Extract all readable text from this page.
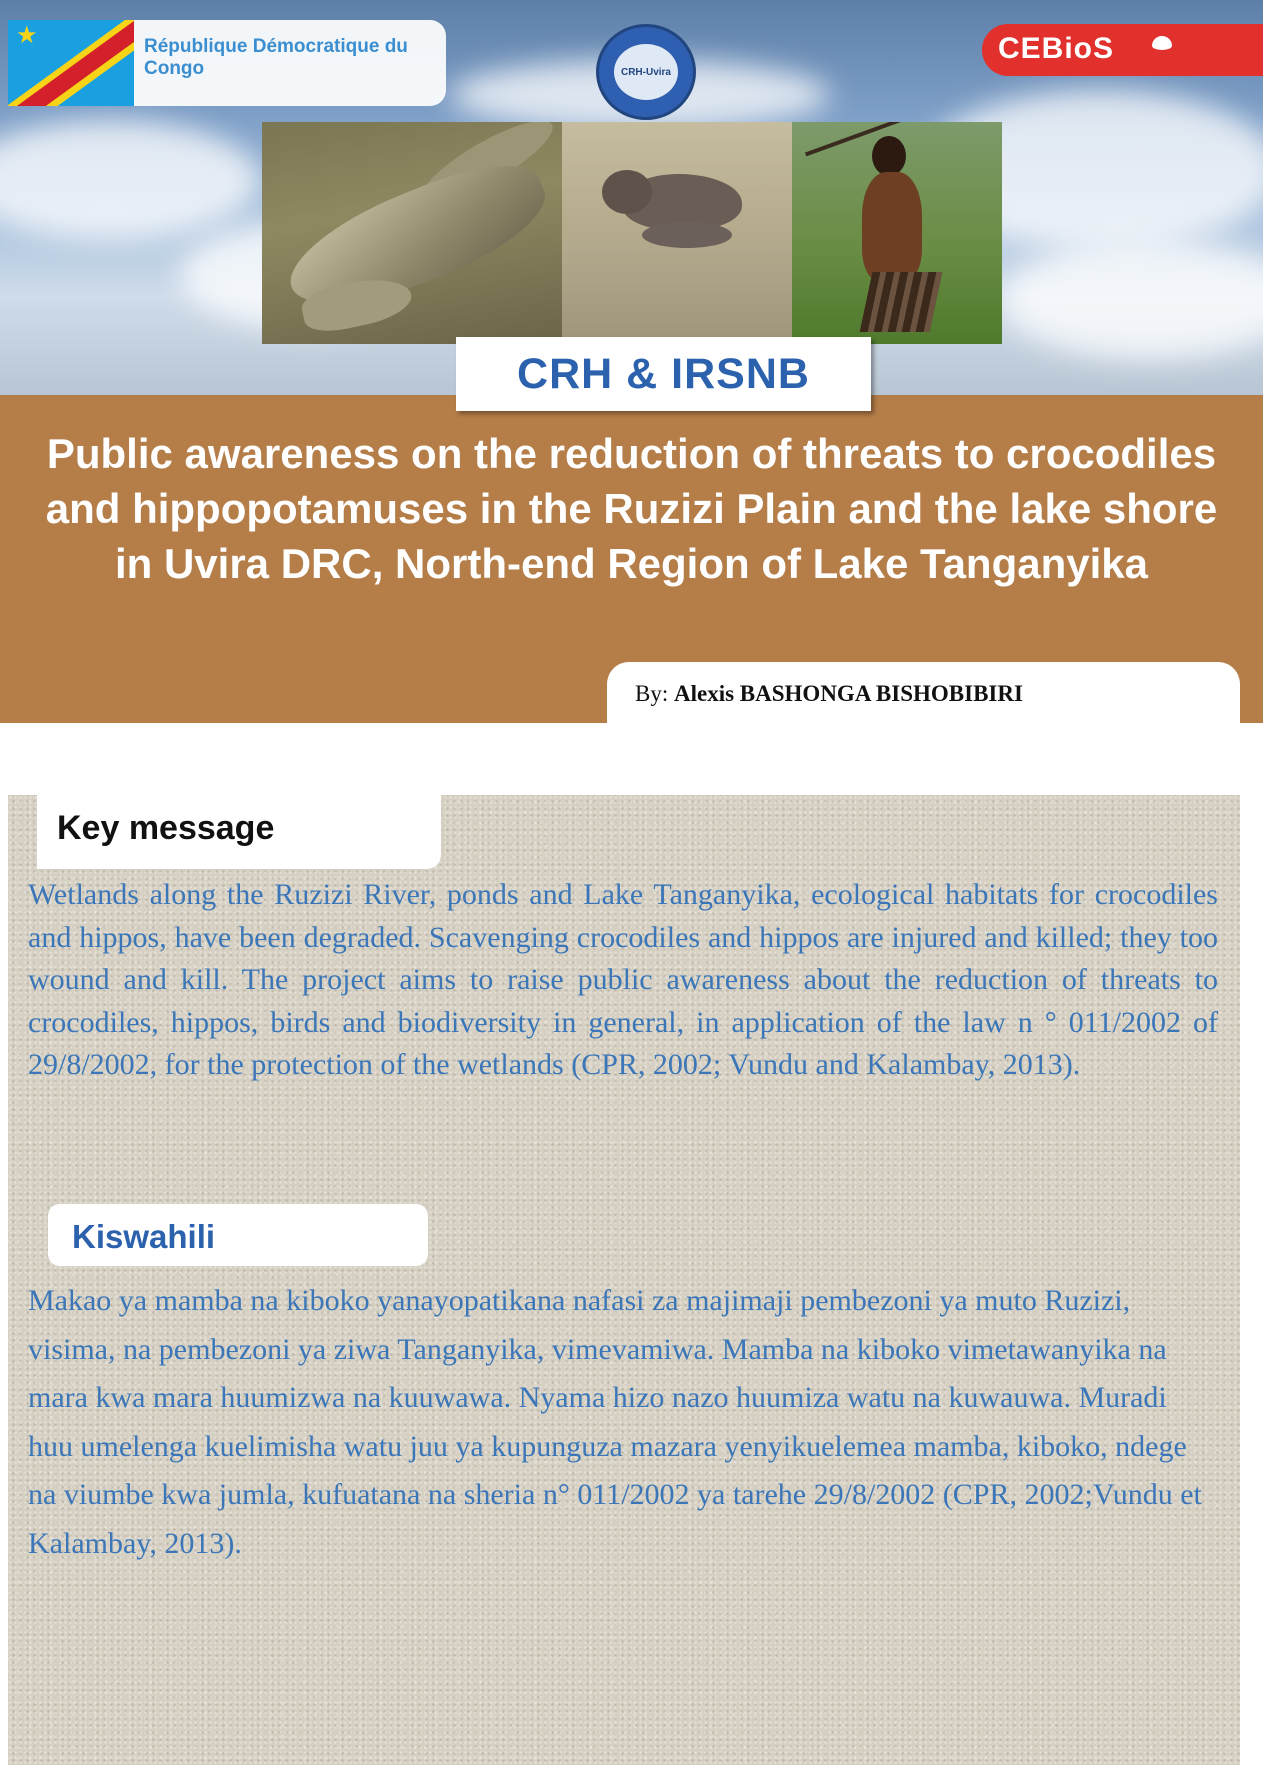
★	République Démocratique du Congo	CRH-Uvira
CEBioS
CRH & IRSNB
Public awareness on the reduction of threats to crocodiles and hippopotamuses in the Ruzizi Plain and the lake shore in Uvira DRC, North-end Region of Lake Tanganyika
By: Alexis BASHONGA BISHOBIBIRI
Key message
Wetlands along the Ruzizi River, ponds and Lake Tanganyika, ecological habitats for crocodiles and hippos, have been degraded. Scavenging crocodiles and hippos are injured and killed; they too wound and kill. The project aims to raise public awareness about the reduction of threats to crocodiles, hippos, birds and biodiversity in general, in application of the law n ° 011/2002 of 29/8/2002, for the protection of the wetlands (CPR, 2002; Vundu and Kalambay, 2013).
Kiswahili
Makao ya mamba na kiboko yanayopatikana nafasi za majimaji pembezoni ya muto Ruzizi, visima, na pembezoni ya ziwa Tanganyika, vimevamiwa. Mamba na kiboko vimetawanyika na mara kwa mara huumizwa na kuuwawa. Nyama hizo nazo huumiza watu na kuwauwa. Muradi huu umelenga kuelimisha watu juu ya kupunguza mazara yenyikuelemea mamba, kiboko, ndege na viumbe kwa jumla, kufuatana na sheria n° 011/2002 ya tarehe 29/8/2002 (CPR, 2002;Vundu et Kalambay, 2013).
